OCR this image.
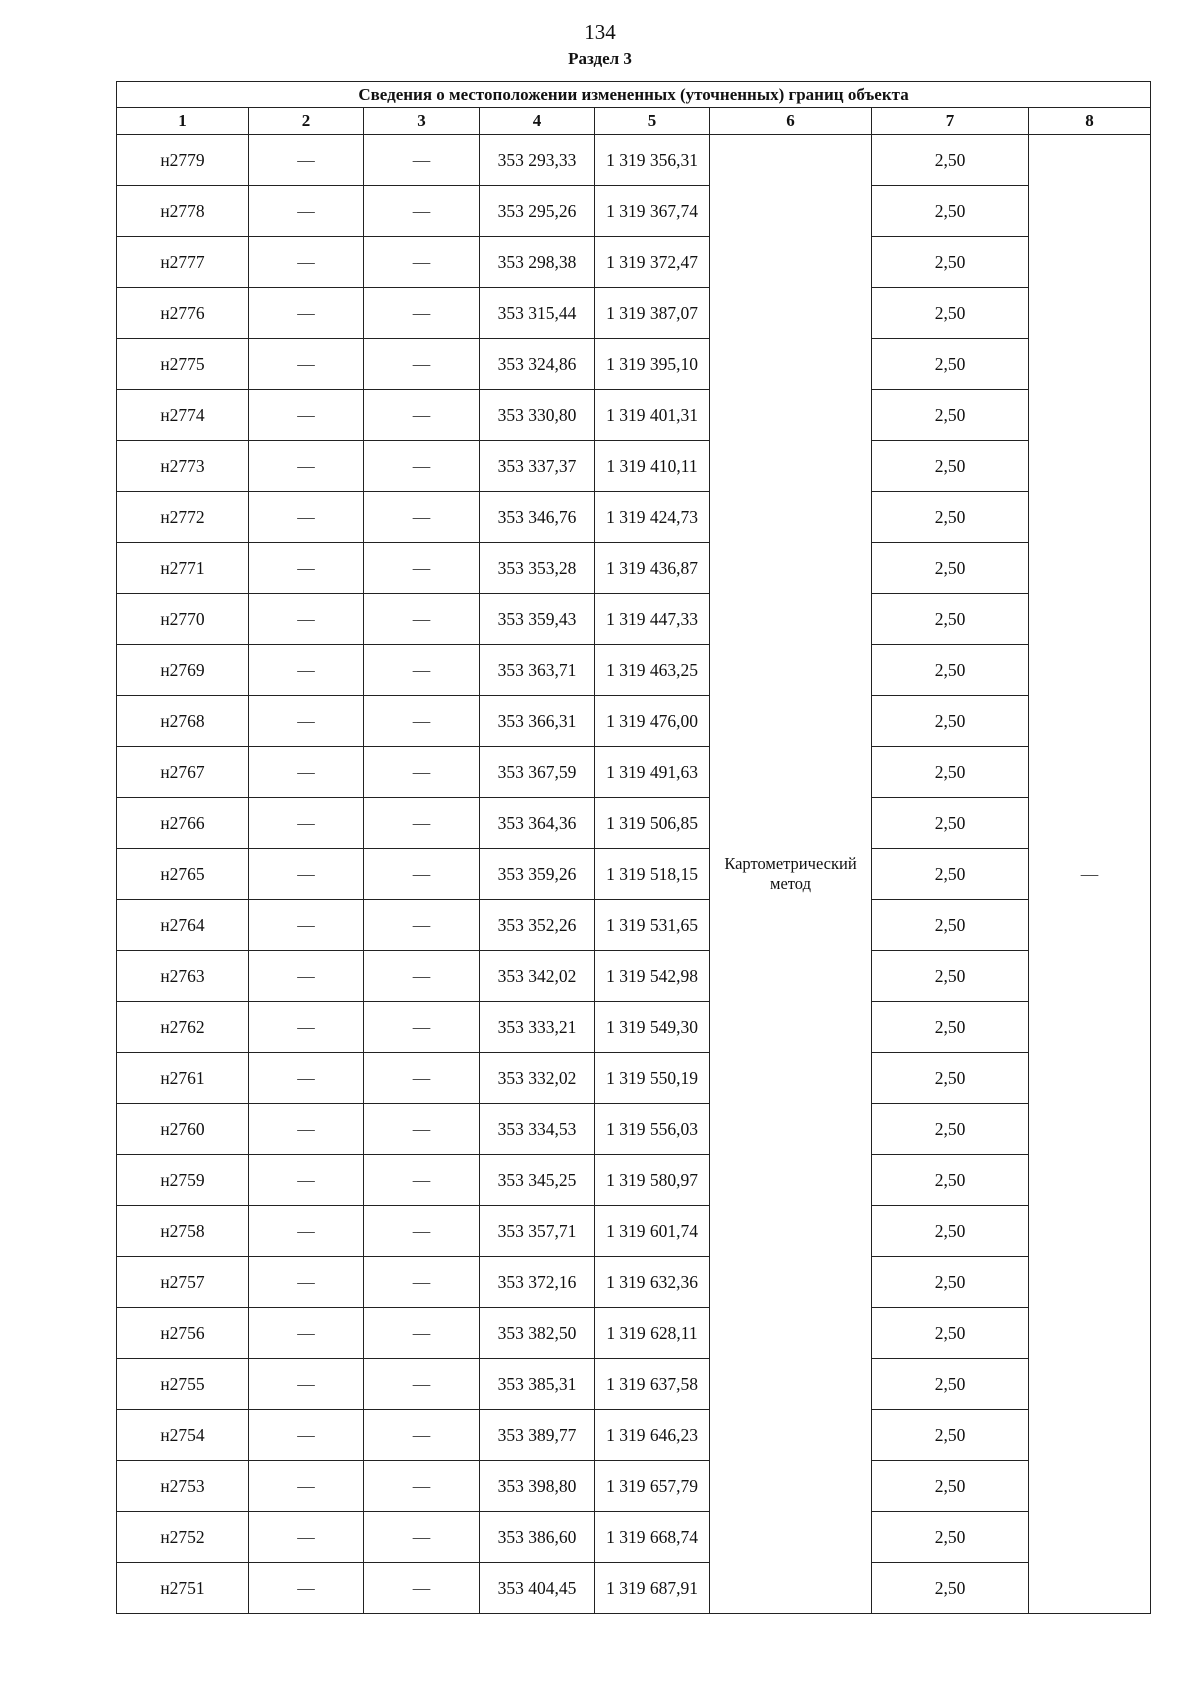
134
Раздел 3
Сведения о местоположении измененных (уточненных) границ объекта							
1	2	3	4	5	6	7	8
н2779	—	—	353 293,33	1 319 356,31	Картометрический метод	2,50	—
н2778	—	—	353 295,26	1 319 367,74		2,50	
н2777	—	—	353 298,38	1 319 372,47		2,50	
н2776	—	—	353 315,44	1 319 387,07		2,50	
н2775	—	—	353 324,86	1 319 395,10		2,50	
н2774	—	—	353 330,80	1 319 401,31		2,50	
н2773	—	—	353 337,37	1 319 410,11		2,50	
н2772	—	—	353 346,76	1 319 424,73		2,50	
н2771	—	—	353 353,28	1 319 436,87		2,50	
н2770	—	—	353 359,43	1 319 447,33		2,50	
н2769	—	—	353 363,71	1 319 463,25		2,50	
н2768	—	—	353 366,31	1 319 476,00		2,50	
н2767	—	—	353 367,59	1 319 491,63		2,50	
н2766	—	—	353 364,36	1 319 506,85		2,50	
н2765	—	—	353 359,26	1 319 518,15		2,50	
н2764	—	—	353 352,26	1 319 531,65		2,50	
н2763	—	—	353 342,02	1 319 542,98		2,50	
н2762	—	—	353 333,21	1 319 549,30		2,50	
н2761	—	—	353 332,02	1 319 550,19		2,50	
н2760	—	—	353 334,53	1 319 556,03		2,50	
н2759	—	—	353 345,25	1 319 580,97		2,50	
н2758	—	—	353 357,71	1 319 601,74		2,50	
н2757	—	—	353 372,16	1 319 632,36		2,50	
н2756	—	—	353 382,50	1 319 628,11		2,50	
н2755	—	—	353 385,31	1 319 637,58		2,50	
н2754	—	—	353 389,77	1 319 646,23		2,50	
н2753	—	—	353 398,80	1 319 657,79		2,50	
н2752	—	—	353 386,60	1 319 668,74		2,50	
н2751	—	—	353 404,45	1 319 687,91		2,50	
